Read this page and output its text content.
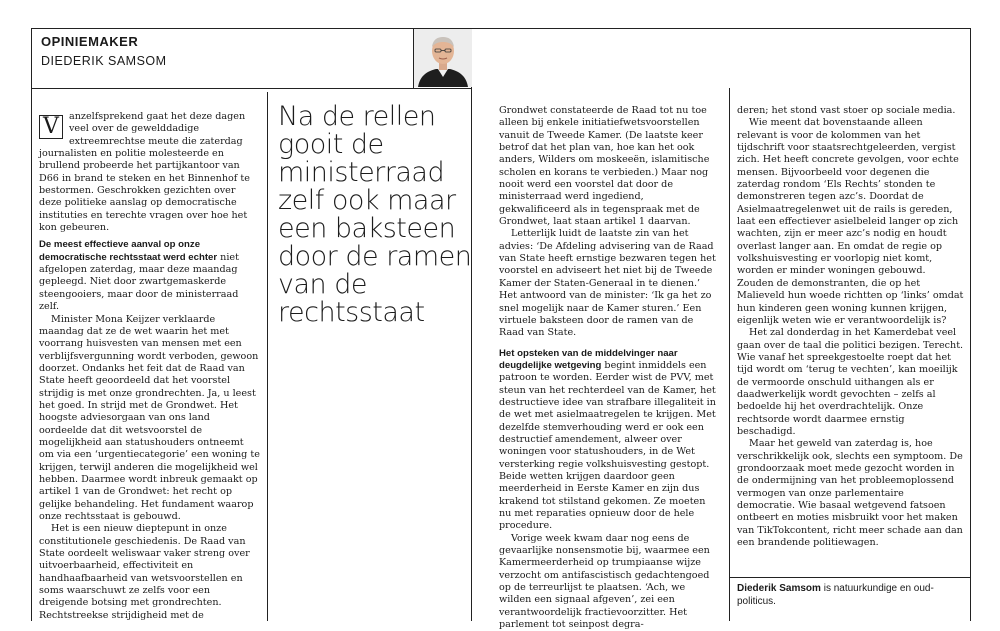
OPINIEMAKER
DIEDERIK SAMSOM

V	anzelfsprekend gaat het deze dagen veel over de gewelddadige extreemrechtse meute die zaterdag journalisten en politie molesteerde en brullend probeerde het partijkantoor van D66 in brand te steken en het Binnenhof te bestormen. Geschrokken gezichten over deze politieke aanslag op democratische instituties en terechte vragen over hoe het kon gebeuren.

De meest effectieve aanval op onze democratische rechtsstaat werd echter niet afgelopen zaterdag, maar deze maandag gepleegd. Niet door zwartgemaskerde steengooiers, maar door de ministerraad zelf.

Minister Mona Keijzer verklaarde maandag dat ze de wet waarin het met voorrang huisvesten van mensen met een verblijfsvergunning wordt verboden, gewoon doorzet. Ondanks het feit dat de Raad van State heeft geoordeeld dat het voorstel strijdig is met onze grondrechten. Ja, u leest het goed. In strijd met de Grondwet. Het hoogste adviesorgaan van ons land oordeelde dat dit wetsvoorstel de mogelijkheid aan statushouders ontneemt om via een ‘urgentiecategorie’ een woning te krijgen, terwijl anderen die mogelijkheid wel hebben. Daarmee wordt inbreuk gemaakt op artikel 1 van de Grondwet: het recht op gelijke behandeling. Het fundament waarop onze rechtsstaat is gebouwd.

Het is een nieuw dieptepunt in onze constitutionele geschiedenis. De Raad van State oordeelt weliswaar vaker streng over uitvoerbaarheid, effectiviteit en handhaafbaarheid van wetsvoorstellen en soms waarschuwt ze zelfs voor een dreigende botsing met grondrechten. Rechtstreekse strijdigheid met de

Na de rellen gooit de ministerraad zelf ook maar een baksteen door de ramen van de rechtsstaat

Grondwet constateerde de Raad tot nu toe alleen bij enkele initiatiefwetsvoorstellen vanuit de Tweede Kamer. (De laatste keer betrof dat het plan van, hoe kan het ook anders, Wilders om moskeeën, islamitische scholen en korans te verbieden.) Maar nog nooit werd een voorstel dat door de ministerraad werd ingediend, gekwalificeerd als in tegenspraak met de Grondwet, laat staan artikel 1 daarvan.

Letterlijk luidt de laatste zin van het advies: ‘De Afdeling advisering van de Raad van State heeft ernstige bezwaren tegen het voorstel en adviseert het niet bij de Tweede Kamer der Staten-Generaal in te dienen.’ Het antwoord van de minister: ‘Ik ga het zo snel mogelijk naar de Kamer sturen.’ Een virtuele baksteen door de ramen van de Raad van State.

Het opsteken van de middelvinger naar deugdelijke wetgeving begint inmiddels een patroon te worden. Eerder wist de PVV, met steun van het rechterdeel van de Kamer, het destructieve idee van strafbare illegaliteit in de wet met asielmaatregelen te krijgen. Met dezelfde stemverhouding werd er ook een destructief amendement, alweer over woningen voor statushouders, in de Wet versterking regie volkshuisvesting gestopt. Beide wetten krijgen daardoor geen meerderheid in Eerste Kamer en zijn dus krakend tot stilstand gekomen. Ze moeten nu met reparaties opnieuw door de hele procedure.

Vorige week kwam daar nog eens de gevaarlijke nonsensmotie bij, waarmee een Kamermeerderheid op trumpiaanse wijze verzocht om antifascistisch gedachtengoed op de terreurlijst te plaatsen. ‘Ach, we wilden een signaal afgeven’, zei een verantwoordelijk fractievoorzitter. Het parlement tot seinpost degra-

deren; het stond vast stoer op sociale media.

Wie meent dat bovenstaande alleen relevant is voor de kolommen van het tijdschrift voor staatsrechtgeleerden, vergist zich. Het heeft concrete gevolgen, voor echte mensen. Bijvoorbeeld voor degenen die zaterdag rondom ‘Els Rechts’ stonden te demonstreren tegen azc’s. Doordat de Asielmaatregelenwet uit de rails is gereden, laat een effectiever asielbeleid langer op zich wachten, zijn er meer azc’s nodig en houdt overlast langer aan. En omdat de regie op volkshuisvesting er voorlopig niet komt, worden er minder woningen gebouwd. Zouden de demonstranten, die op het Malieveld hun woede richtten op ‘links’ omdat hun kinderen geen woning kunnen krijgen, eigenlijk weten wie er verantwoordelijk is?

Het zal donderdag in het Kamerdebat veel gaan over de taal die politici bezigen. Terecht. Wie vanaf het spreekgestoelte roept dat het tijd wordt om ‘terug te vechten’, kan moeilijk de vermoorde onschuld uithangen als er daadwerkelijk wordt gevochten – zelfs al bedoelde hij het overdrachtelijk. Onze rechtsorde wordt daarmee ernstig beschadigd.

Maar het geweld van zaterdag is, hoe verschrikkelijk ook, slechts een symptoom. De grondoorzaak moet mede gezocht worden in de ondermijning van het probleemoplossend vermogen van onze parlementaire democratie. Wie basaal wetgevend fatsoen ontbeert en moties misbruikt voor het maken van TikTokcontent, richt meer schade aan dan een brandende politiewagen.

Diederik Samsom is natuurkundige en oud-politicus.
